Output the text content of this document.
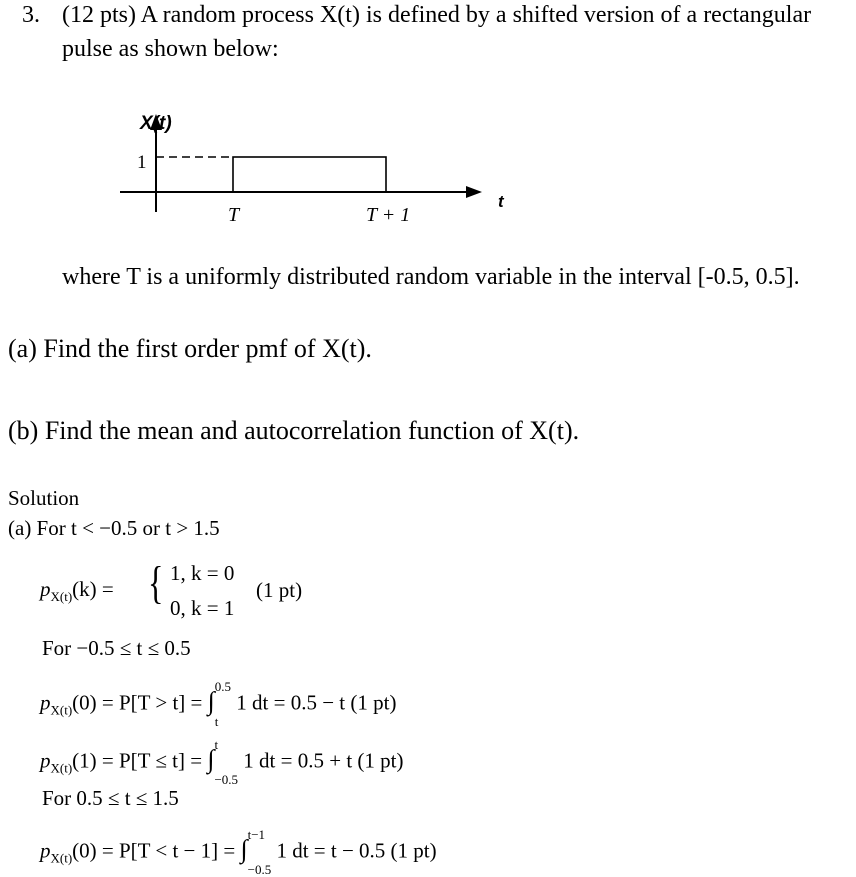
3. (12 pts) A random process X(t) is defined by a shifted version of a rectangular
pulse as shown below:
X(t)
1
T	T + 1
t
where T is a uniformly distributed random variable in the interval [-0.5, 0.5].
(a) Find the first order pmf of X(t).
(b) Find the mean and autocorrelation function of X(t).
Solution
(a) For t < −0.5 or t > 1.5
$p_{X(t)}(k)$ = { 1, k = 0
0, k = 1
(1 pt)
For −0.5 ≤ t ≤ 0.5
$p_{X(t)}(0) = P[T > t] = \int^{0.5}$
$_t$ 1 dt = 0.5 − t (1 pt)
$p_{X(t)}(1) = P[T \le t] = \int^t$
$_{-0.5}$ 1 dt = 0.5 + t (1 pt)
For 0.5 ≤ t ≤ 1.5
$p_{X(t)}(0) = P[T < t - 1] = \int^{t-1}$
$_{-0.5}$ 1 dt = t − 0.5 (1 pt)
